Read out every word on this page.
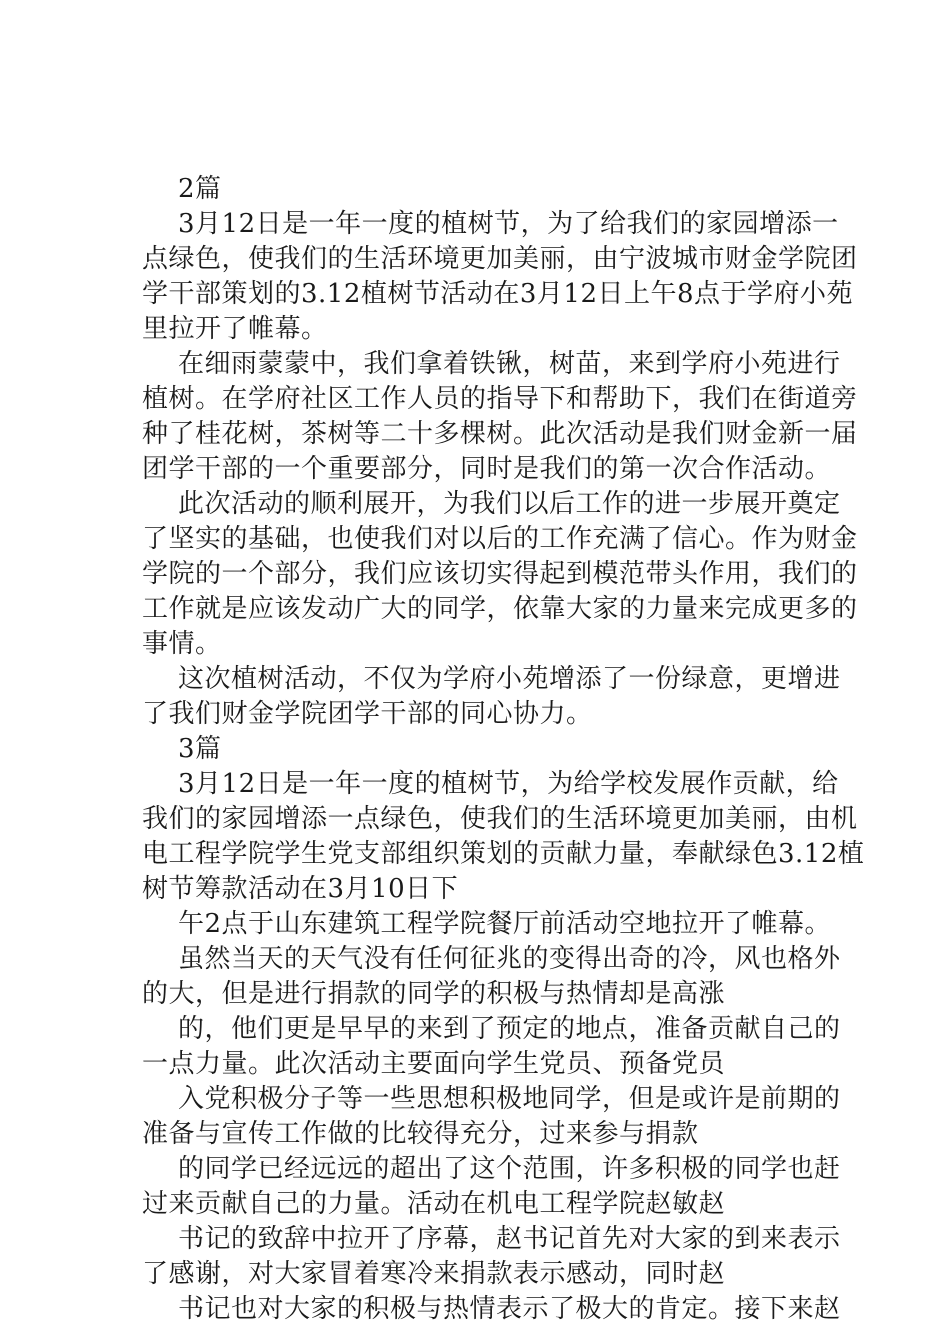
2篇
3月12日是一年一度的植树节，为了给我们的家园增添一
点绿色，使我们的生活环境更加美丽，由宁波城市财金学院团
学干部策划的3.12植树节活动在3月12日上午8点于学府小苑
里拉开了帷幕。
在细雨蒙蒙中，我们拿着铁锹，树苗，来到学府小苑进行
植树。在学府社区工作人员的指导下和帮助下，我们在街道旁
种了桂花树，茶树等二十多棵树。此次活动是我们财金新一届
团学干部的一个重要部分，同时是我们的第一次合作活动。
此次活动的顺利展开，为我们以后工作的进一步展开奠定
了坚实的基础，也使我们对以后的工作充满了信心。作为财金
学院的一个部分，我们应该切实得起到模范带头作用，我们的
工作就是应该发动广大的同学，依靠大家的力量来完成更多的
事情。
这次植树活动，不仅为学府小苑增添了一份绿意，更增进
了我们财金学院团学干部的同心协力。
3篇
3月12日是一年一度的植树节，为给学校发展作贡献，给
我们的家园增添一点绿色，使我们的生活环境更加美丽，由机
电工程学院学生党支部组织策划的贡献力量，奉献绿色3.12植
树节筹款活动在3月10日下
午2点于山东建筑工程学院餐厅前活动空地拉开了帷幕。
虽然当天的天气没有任何征兆的变得出奇的冷，风也格外
的大，但是进行捐款的同学的积极与热情却是高涨
的，他们更是早早的来到了预定的地点，准备贡献自己的
一点力量。此次活动主要面向学生党员、预备党员
入党积极分子等一些思想积极地同学，但是或许是前期的
准备与宣传工作做的比较得充分，过来参与捐款
的同学已经远远的超出了这个范围，许多积极的同学也赶
过来贡献自己的力量。活动在机电工程学院赵敏赵
书记的致辞中拉开了序幕，赵书记首先对大家的到来表示
了感谢，对大家冒着寒冷来捐款表示感动，同时赵
书记也对大家的积极与热情表示了极大的肯定。接下来赵
